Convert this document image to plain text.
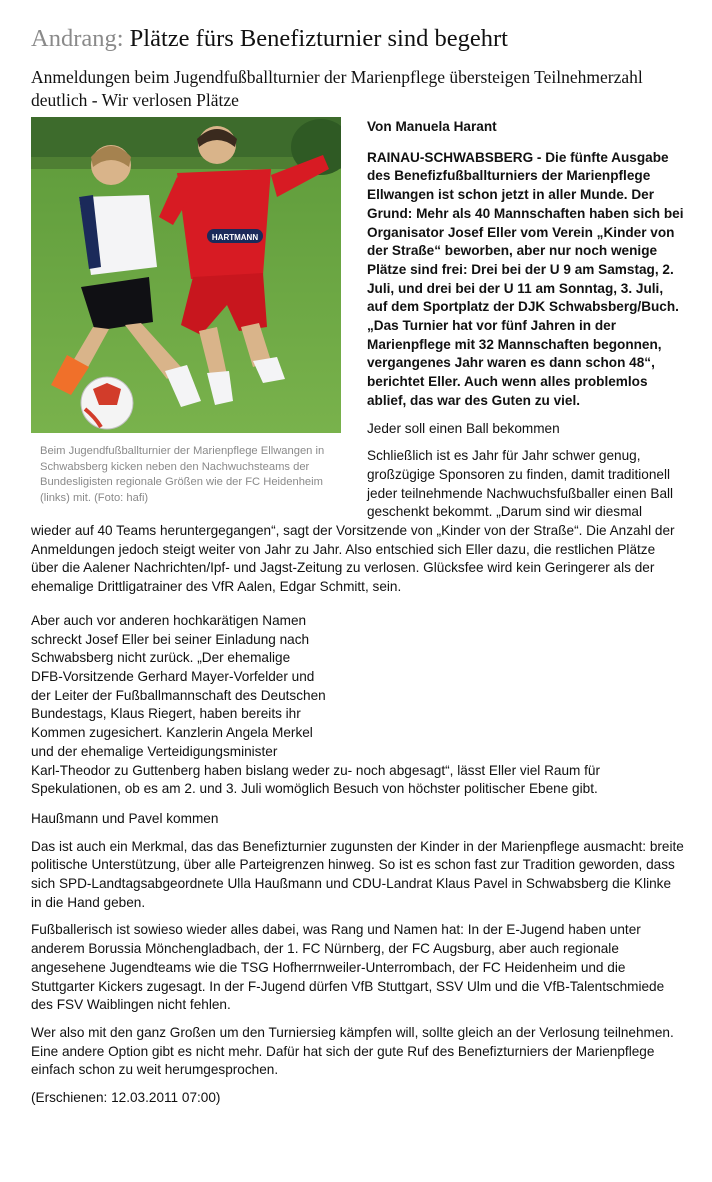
Andrang: Plätze fürs Benefizturnier sind begehrt
Anmeldungen beim Jugendfußballturnier der Marienpflege übersteigen Teilnehmerzahl deutlich - Wir verlosen Plätze
HARTMANN
Beim Jugendfußballturnier der Marienpflege Ellwangen in Schwabsberg kicken neben den Nachwuchsteams der Bundesligisten regionale Größen wie der FC Heidenheim (links) mit. (Foto: hafi)

Von Manuela Harant

RAINAU-SCHWABSBERG - Die fünfte Ausgabe des Benefizfußballturniers der Marienpflege Ellwangen ist schon jetzt in aller Munde. Der Grund: Mehr als 40 Mannschaften haben sich bei Organisator Josef Eller vom Verein „Kinder von der Straße“ beworben, aber nur noch wenige Plätze sind frei: Drei bei der U 9 am Samstag, 2. Juli, und drei bei der U 11 am Sonntag, 3. Juli, auf dem Sportplatz der DJK Schwabsberg/Buch. „Das Turnier hat vor fünf Jahren in der Marienpflege mit 32 Mannschaften begonnen, vergangenes Jahr waren es dann schon 48“, berichtet Eller. Auch wenn alles problemlos ablief, das war des Guten zu viel.

Jeder soll einen Ball bekommen

Schließlich ist es Jahr für Jahr schwer genug, großzügige Sponsoren zu finden, damit traditionell jeder teilnehmende Nachwuchsfußballer einen Ball geschenkt bekommt. „Darum sind wir diesmal wieder auf 40 Teams heruntergegangen“, sagt der Vorsitzende von „Kinder von der Straße“. Die Anzahl der Anmeldungen jedoch steigt weiter von Jahr zu Jahr. Also entschied sich Eller dazu, die restlichen Plätze über die Aalener Nachrichten/Ipf- und Jagst-Zeitung zu verlosen. Glücksfee wird kein Geringerer als der ehemalige Drittligatrainer des VfR Aalen, Edgar Schmitt, sein.

Aber auch vor anderen hochkarätigen Namen
schreckt Josef Eller bei seiner Einladung nach
Schwabsberg nicht zurück. „Der ehemalige
DFB-Vorsitzende Gerhard Mayer-Vorfelder und
der Leiter der Fußballmannschaft des Deutschen
Bundestags, Klaus Riegert, haben bereits ihr
Kommen zugesichert. Kanzlerin Angela Merkel
und der ehemalige Verteidigungsminister
Karl-Theodor zu Guttenberg haben bislang weder zu- noch abgesagt“, lässt Eller viel Raum für Spekulationen, ob es am 2. und 3. Juli womöglich Besuch von höchster politischer Ebene gibt.

Haußmann und Pavel kommen

Das ist auch ein Merkmal, das das Benefizturnier zugunsten der Kinder in der Marienpflege ausmacht: breite politische Unterstützung, über alle Parteigrenzen hinweg. So ist es schon fast zur Tradition geworden, dass sich SPD-Landtagsabgeordnete Ulla Haußmann und CDU-Landrat Klaus Pavel in Schwabsberg die Klinke in die Hand geben.

Fußballerisch ist sowieso wieder alles dabei, was Rang und Namen hat: In der E-Jugend haben unter anderem Borussia Mönchengladbach, der 1. FC Nürnberg, der FC Augsburg, aber auch regionale angesehene Jugendteams wie die TSG Hofherrnweiler-Unterrombach, der FC Heidenheim und die Stuttgarter Kickers zugesagt. In der F-Jugend dürfen VfB Stuttgart, SSV Ulm und die VfB-Talentschmiede des FSV Waiblingen nicht fehlen.

Wer also mit den ganz Großen um den Turniersieg kämpfen will, sollte gleich an der Verlosung teilnehmen. Eine andere Option gibt es nicht mehr. Dafür hat sich der gute Ruf des Benefizturniers der Marienpflege einfach schon zu weit herumgesprochen.

(Erschienen: 12.03.2011 07:00)
